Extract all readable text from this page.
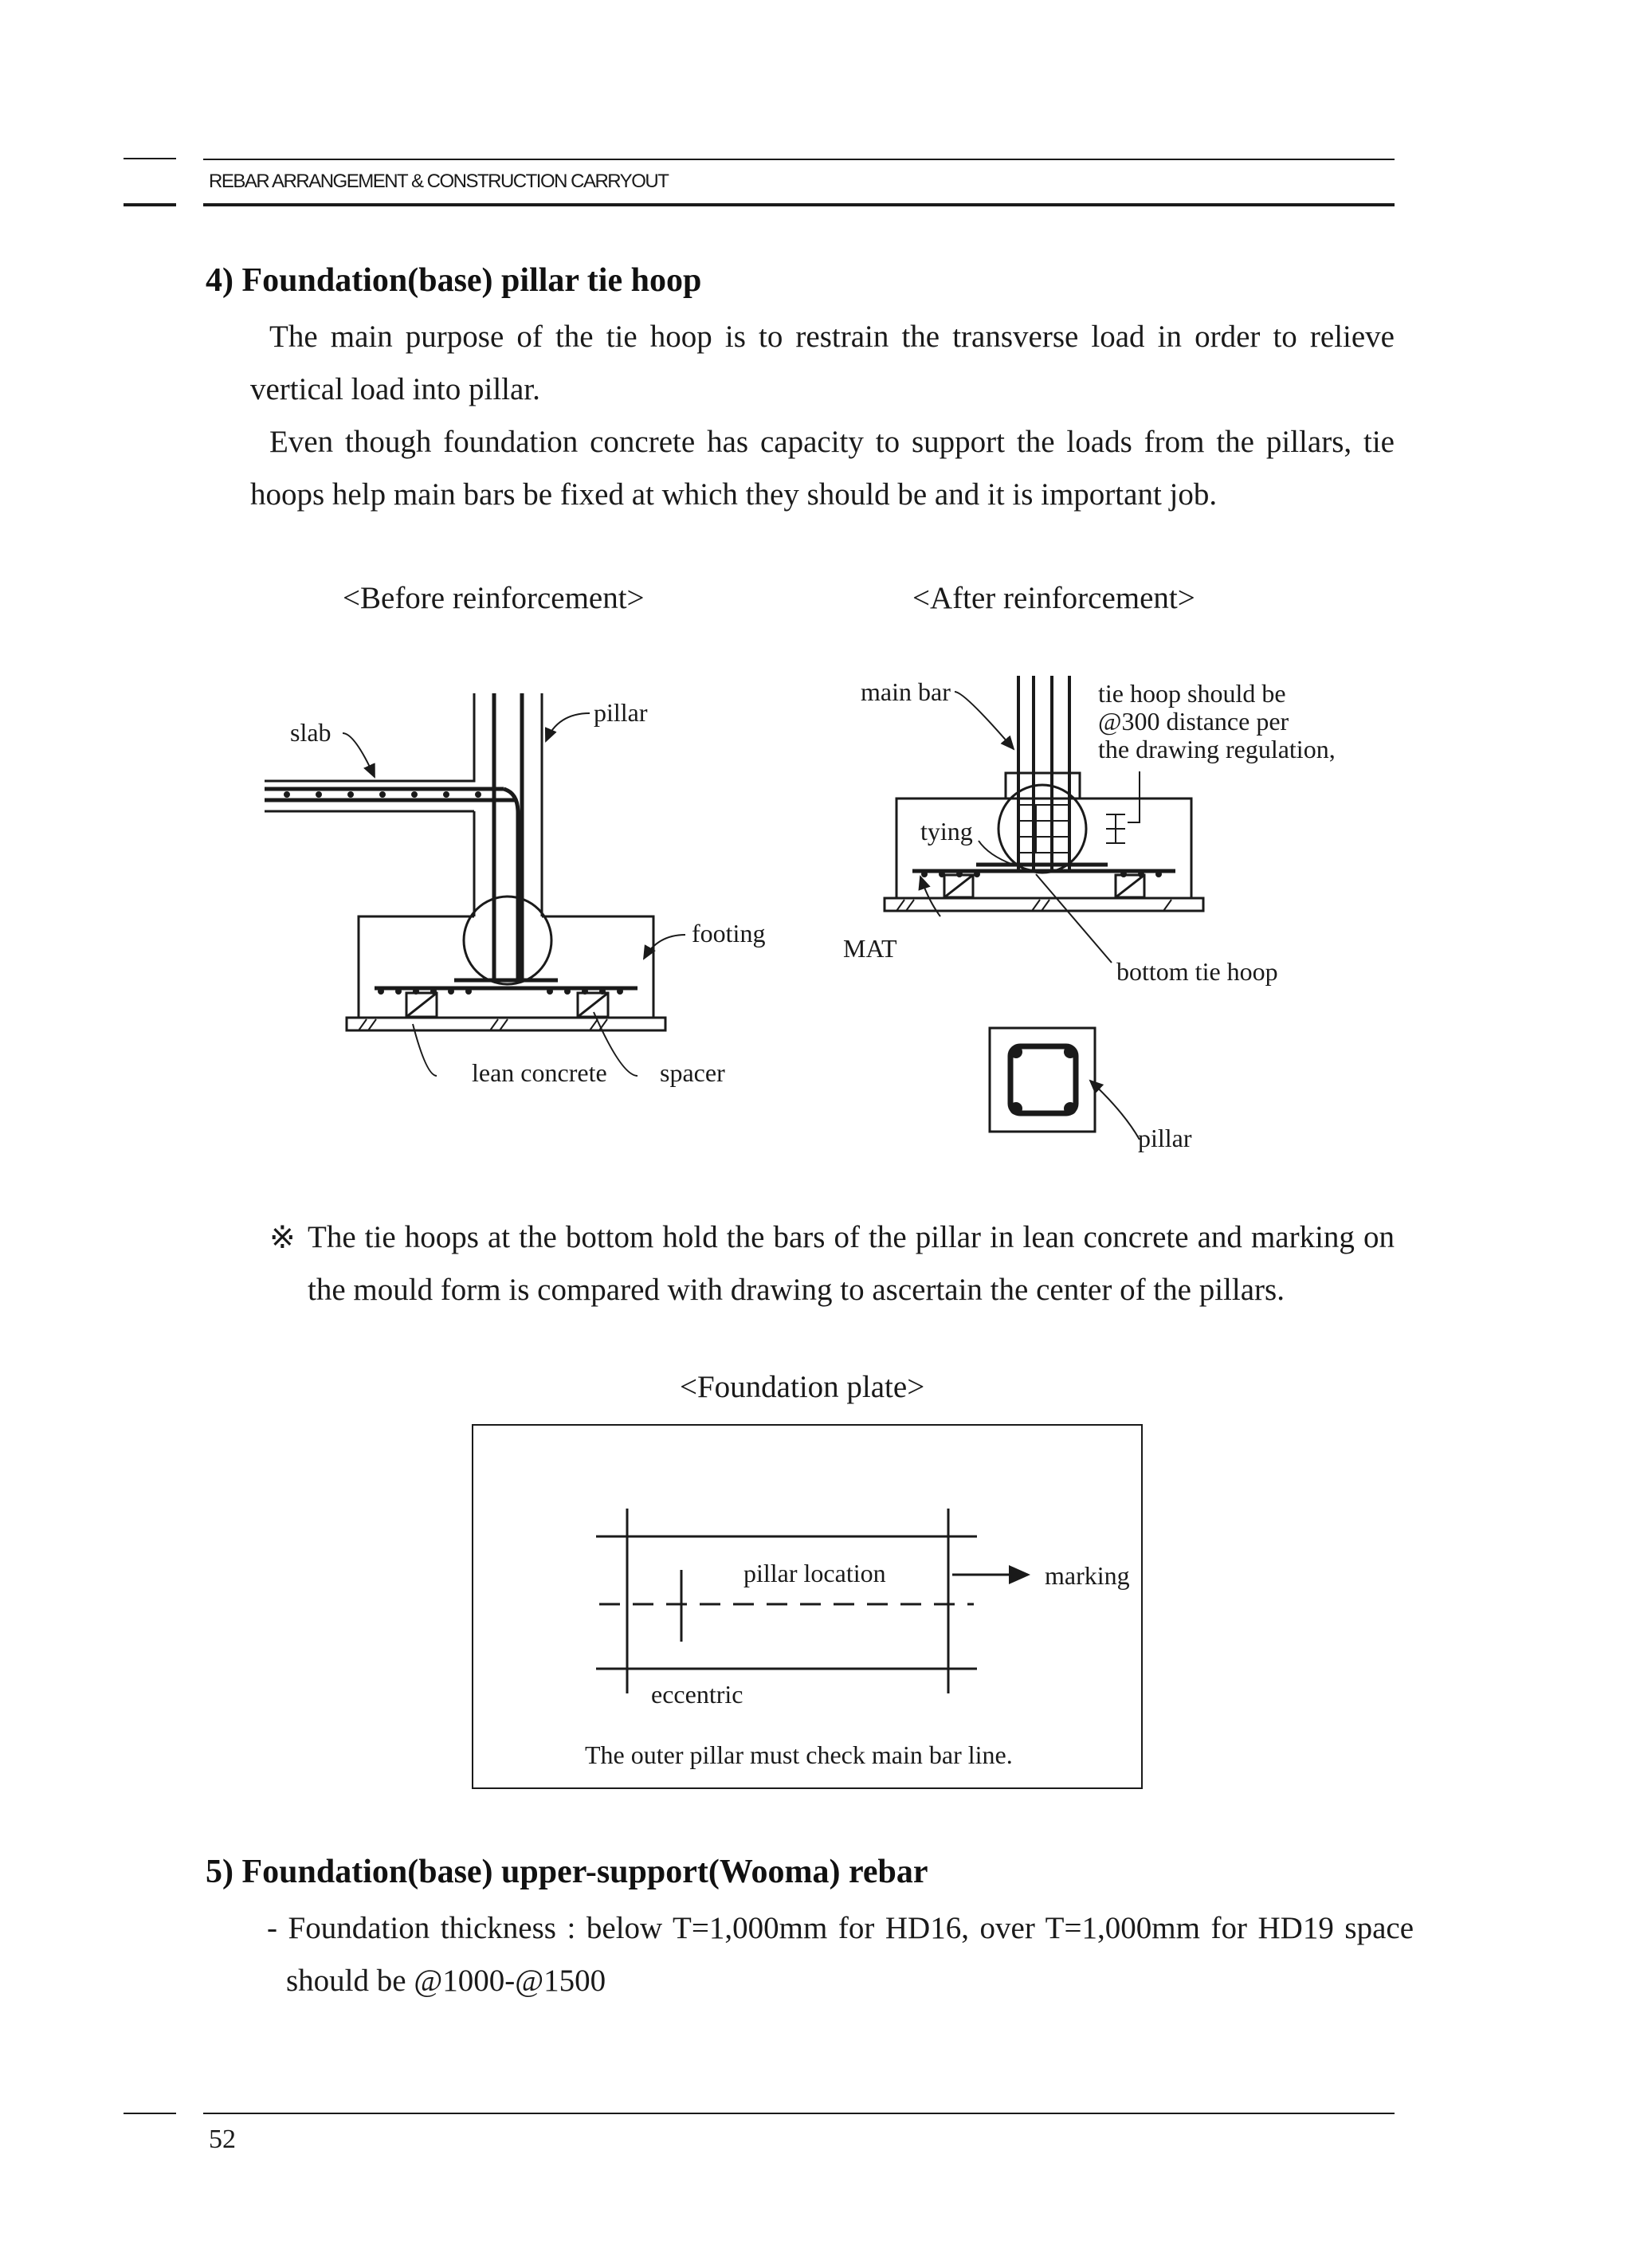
REBAR ARRANGEMENT & CONSTRUCTION CARRYOUT
4) Foundation(base) pillar tie hoop

The main purpose of the tie hoop is to restrain the transverse load in order to relieve vertical load into pillar.

Even though foundation concrete has capacity to support the loads from the pillars, tie hoops help main bars be fixed at which they should be and it is important job.

<Before reinforcement>	<After reinforcement>
slab
pillar
footing
lean concrete spacer
main bar	tie hoop should be
@300 distance per
the drawing regulation,
tying
MAT
bottom tie hoop
pillar
※ The tie hoops at the bottom hold the bars of the pillar in lean concrete and marking on the mould form is compared with drawing to ascertain the center of the pillars.

<Foundation plate>
pillar location	marking
eccentric
The outer pillar must check main bar line.
5) Foundation(base) upper-support(Wooma) rebar

- Foundation thickness : below T=1,000mm for HD16, over T=1,000mm for HD19 space should be @1000-@1500

52
